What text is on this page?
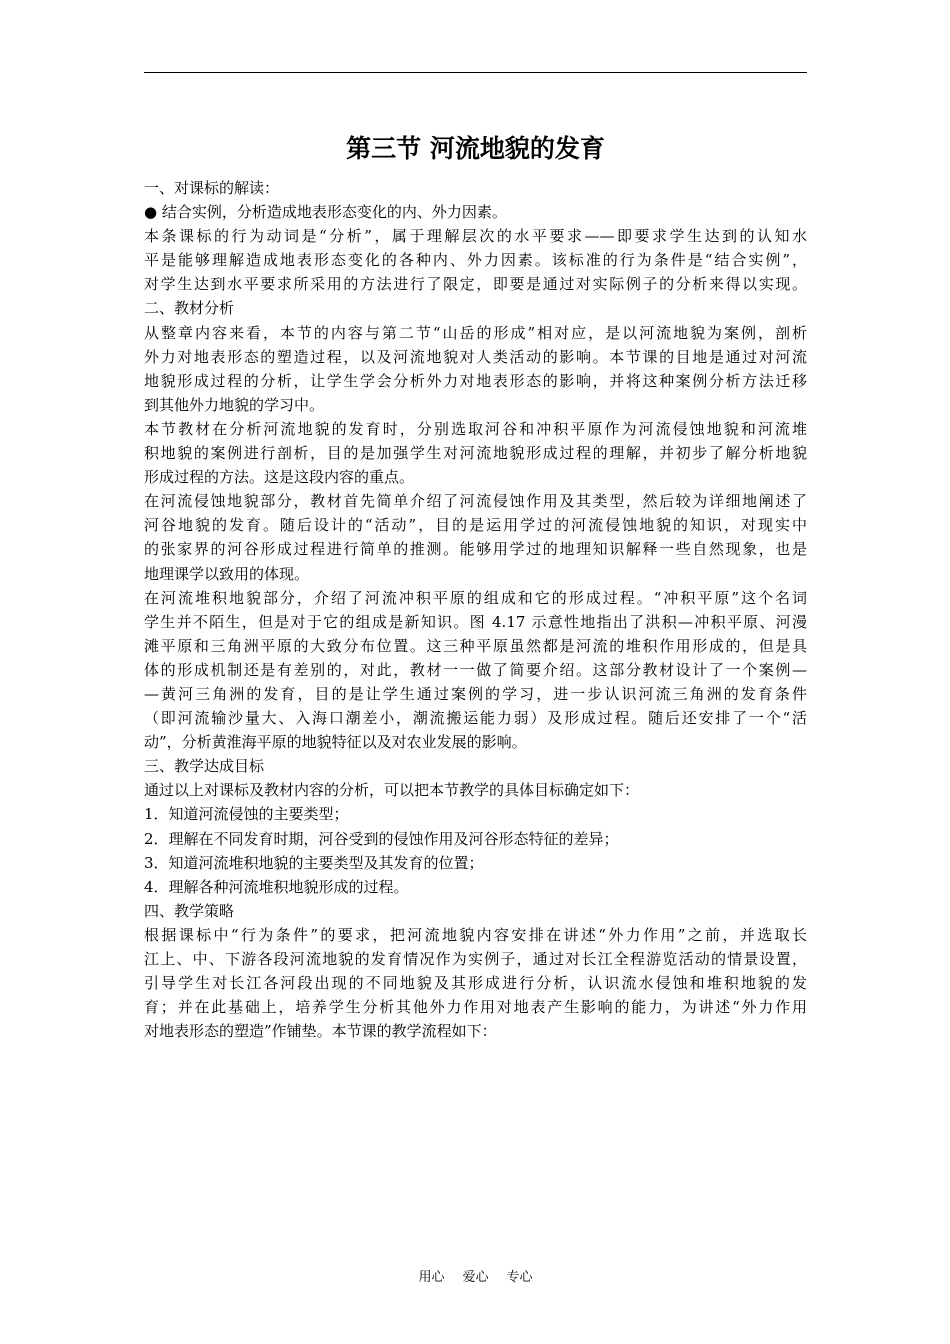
第三节 河流地貌的发育
一、对课标的解读：
● 结合实例，分析造成地表形态变化的内、外力因素。
本条课标的行为动词是“分析”，属于理解层次的水平要求——即要求学生达到的认知水
平是能够理解造成地表形态变化的各种内、外力因素。该标准的行为条件是“结合实例”，
对学生达到水平要求所采用的方法进行了限定，即要是通过对实际例子的分析来得以实现。
二、教材分析
从整章内容来看，本节的内容与第二节“山岳的形成”相对应，是以河流地貌为案例，剖析
外力对地表形态的塑造过程，以及河流地貌对人类活动的影响。本节课的目地是通过对河流
地貌形成过程的分析，让学生学会分析外力对地表形态的影响，并将这种案例分析方法迁移
到其他外力地貌的学习中。
本节教材在分析河流地貌的发育时，分别选取河谷和冲积平原作为河流侵蚀地貌和河流堆
积地貌的案例进行剖析，目的是加强学生对河流地貌形成过程的理解，并初步了解分析地貌
形成过程的方法。这是这段内容的重点。
在河流侵蚀地貌部分，教材首先简单介绍了河流侵蚀作用及其类型，然后较为详细地阐述了
河谷地貌的发育。随后设计的“活动”，目的是运用学过的河流侵蚀地貌的知识，对现实中
的张家界的河谷形成过程进行简单的推测。能够用学过的地理知识解释一些自然现象，也是
地理课学以致用的体现。
在河流堆积地貌部分，介绍了河流冲积平原的组成和它的形成过程。“冲积平原”这个名词
学生并不陌生，但是对于它的组成是新知识。图 4.17 示意性地指出了洪积—冲积平原、河漫
滩平原和三角洲平原的大致分布位置。这三种平原虽然都是河流的堆积作用形成的，但是具
体的形成机制还是有差别的，对此，教材一一做了简要介绍。这部分教材设计了一个案例—
—黄河三角洲的发育，目的是让学生通过案例的学习，进一步认识河流三角洲的发育条件
（即河流输沙量大、入海口潮差小，潮流搬运能力弱）及形成过程。随后还安排了一个“活
动”，分析黄淮海平原的地貌特征以及对农业发展的影响。
三、教学达成目标
通过以上对课标及教材内容的分析，可以把本节教学的具体目标确定如下：
1．知道河流侵蚀的主要类型；
2．理解在不同发育时期，河谷受到的侵蚀作用及河谷形态特征的差异；
3．知道河流堆积地貌的主要类型及其发育的位置；
4．理解各种河流堆积地貌形成的过程。
四、教学策略
根据课标中“行为条件”的要求，把河流地貌内容安排在讲述“外力作用”之前，并选取长
江上、中、下游各段河流地貌的发育情况作为实例子，通过对长江全程游览活动的情景设置，
引导学生对长江各河段出现的不同地貌及其形成进行分析，认识流水侵蚀和堆积地貌的发
育；并在此基础上，培养学生分析其他外力作用对地表产生影响的能力，为讲述“外力作用
对地表形态的塑造”作铺垫。本节课的教学流程如下：
用心 爱心 专心
